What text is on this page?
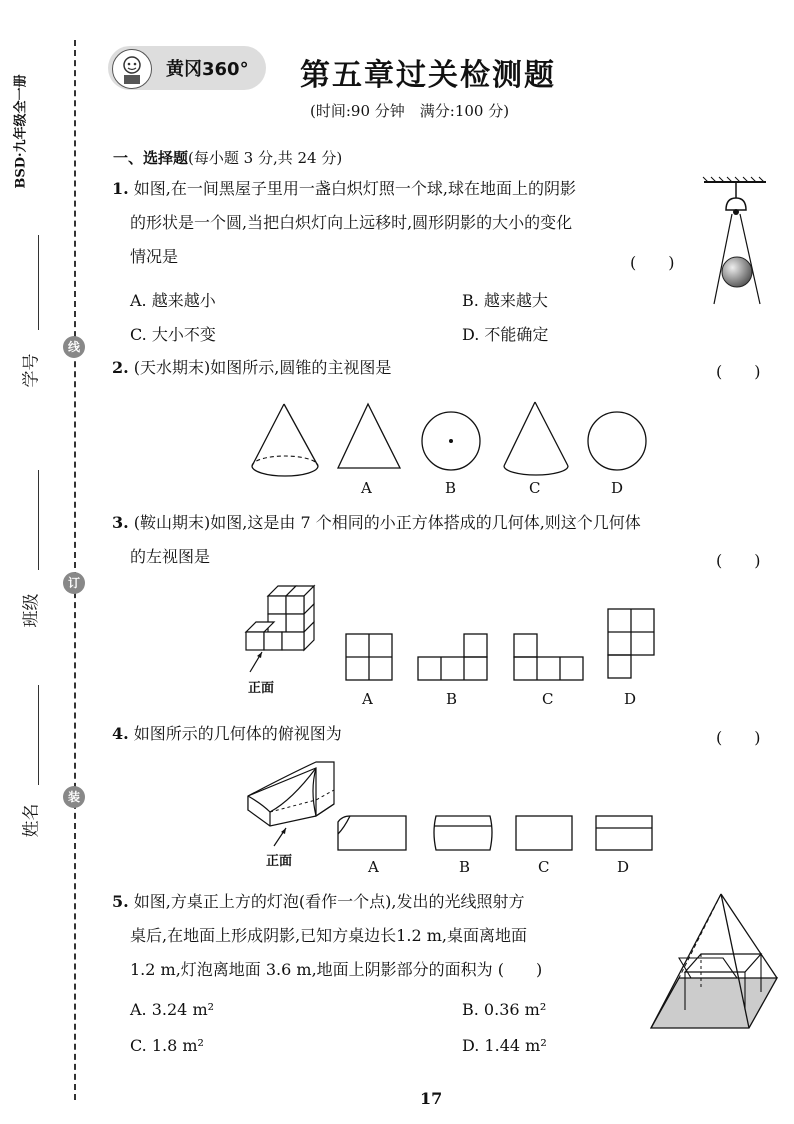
BSD·九年级全一册
学号
班级
姓名
线
订
装
黄冈360° 第五章过关检测题
(时间:90 分钟　满分:100 分)
一、选择题(每小题 3 分,共 24 分)
1. 如图,在一间黑屋子里用一盏白炽灯照一个球,球在地面上的阴影
的形状是一个圆,当把白炽灯向上远移时,圆形阴影的大小的变化
情况是	(　　)
A. 越来越小	B. 越来越大
C. 大小不变	D. 不能确定
2. (天水期末)如图所示,圆锥的主视图是	(　　)
A	B	C	D
3. (鞍山期末)如图,这是由 7 个相同的小正方体搭成的几何体,则这个几何体
的左视图是	(　　)
正面
A	B	C	D
4. 如图所示的几何体的俯视图为	(　　)
正面	A	B	C	D
5. 如图,方桌正上方的灯泡(看作一个点),发出的光线照射方
桌后,在地面上形成阴影,已知方桌边长1.2 m,桌面离地面
1.2 m,灯泡离地面 3.6 m,地面上阴影部分的面积为 (　　)
A. 3.24 m²	B. 0.36 m²
C. 1.8 m²	D. 1.44 m²
17
